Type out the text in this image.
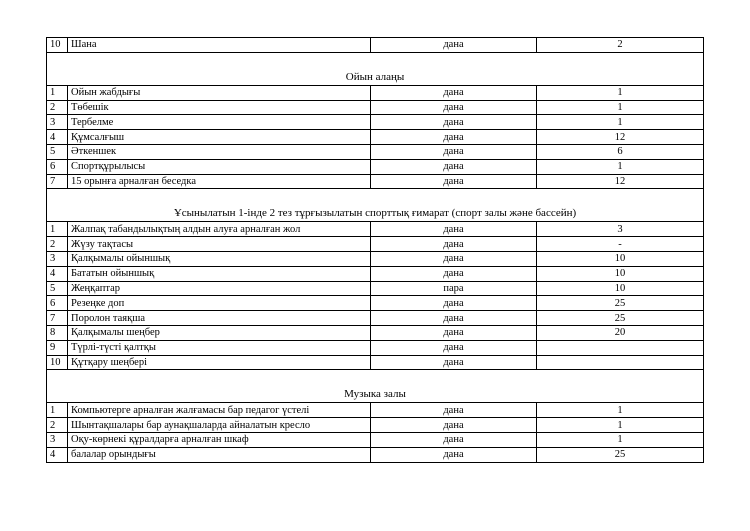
10	Шана	дана	2
Ойын алаңы			
1	Ойын жабдығы	дана	1
2	Төбешік	дана	1
3	Тербелме	дана	1
4	Құмсалғыш	дана	12
5	Әткеншек	дана	6
6	Спортқұрылысы	дана	1
7	15 орынға арналған беседка	дана	12
Ұсынылатын 1-інде 2 тез тұрғызылатын спорттық ғимарат (спорт залы және бассейн)			
1	Жалпақ табандылықтың алдын алуға арналған жол	дана	3
2	Жүзу тақтасы	дана	-
3	Қалқымалы ойыншық	дана	10
4	Бататын ойыншық	дана	10
5	Жеңқаптар	пара	10
6	Резеңке доп	дана	25
7	Поролон таяқша	дана	25
8	Қалқымалы шеңбер	дана	20
9	Түрлі-түсті қалтқы	дана	
10	Құтқару шеңбері	дана	
Музыка залы			
1	Компьютерге арналған жалғамасы бар педагог үстелі	дана	1
2	Шынтақшалары бар аунақшаларда айналатын кресло	дана	1
3	Оқу-көрнекі құралдарға арналған шкаф	дана	1
4	балалар орындығы	дана	25
